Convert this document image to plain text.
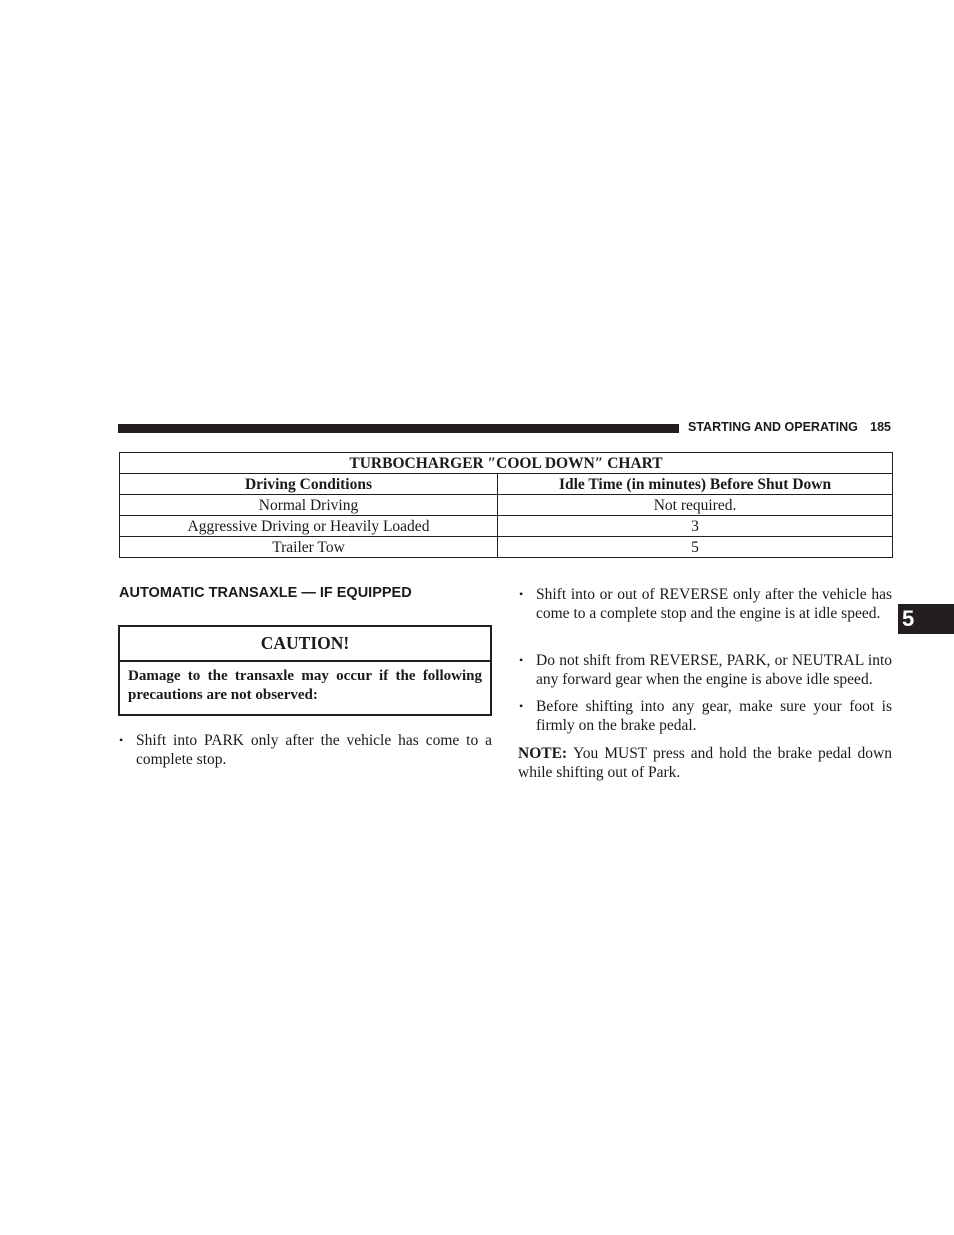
STARTING AND OPERATING 185
5
TURBOCHARGER ″COOL DOWN″ CHART	
Driving Conditions	Idle Time (in minutes) Before Shut Down
Normal Driving	Not required.
Aggressive Driving or Heavily Loaded	3
Trailer Tow	5
AUTOMATIC TRANSAXLE — IF EQUIPPED
CAUTION!
Damage to the transaxle may occur if the following precautions are not observed:
• Shift into PARK only after the vehicle has come to a complete stop.
• Shift into or out of REVERSE only after the vehicle has come to a complete stop and the engine is at idle speed.
• Do not shift from REVERSE, PARK, or NEUTRAL into any forward gear when the engine is above idle speed.
• Before shifting into any gear, make sure your foot is firmly on the brake pedal.
NOTE: You MUST press and hold the brake pedal down while shifting out of Park.
